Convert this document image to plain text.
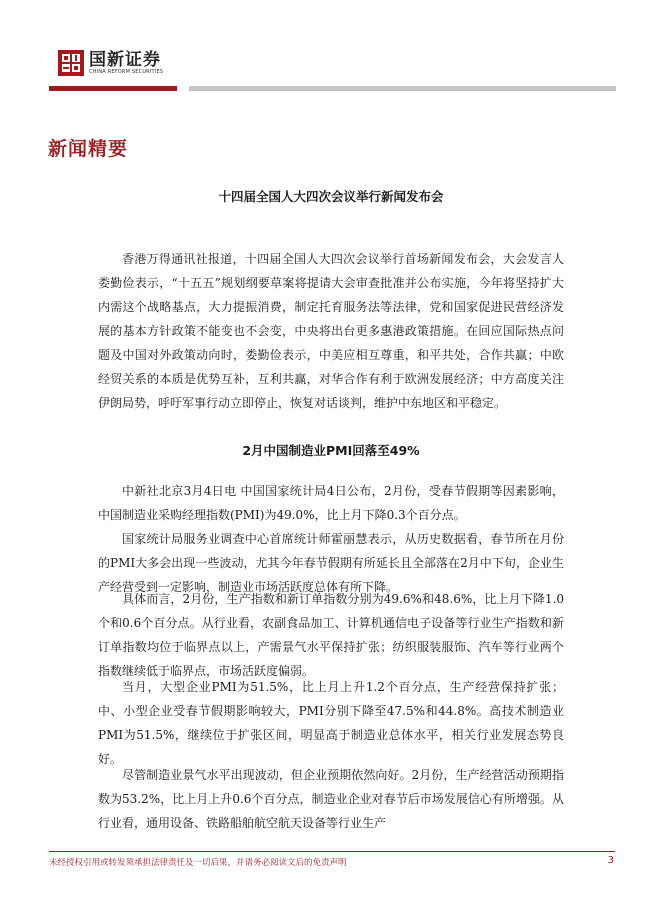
国新证券
CHINA REFORM SECURITIES
新闻精要
十四届全国人大四次会议举行新闻发布会

香港万得通讯社报道，十四届全国人大四次会议举行首场新闻发布会，大会发言人娄勤俭表示，“十五五”规划纲要草案将提请大会审查批准并公布实施，今年将坚持扩大内需这个战略基点，大力提振消费，制定托育服务法等法律，党和国家促进民营经济发展的基本方针政策不能变也不会变，中央将出台更多惠港政策措施。在回应国际热点问题及中国对外政策动向时，娄勤俭表示，中美应相互尊重，和平共处，合作共赢；中欧经贸关系的本质是优势互补，互利共赢，对华合作有利于欧洲发展经济；中方高度关注伊朗局势，呼吁军事行动立即停止，恢复对话谈判，维护中东地区和平稳定。

2月中国制造业PMI回落至49%

中新社北京3月4日电 中国国家统计局4日公布，2月份，受春节假期等因素影响，中国制造业采购经理指数(PMI)为49.0%，比上月下降0.3个百分点。

国家统计局服务业调查中心首席统计师霍丽慧表示，从历史数据看，春节所在月份的PMI大多会出现一些波动，尤其今年春节假期有所延长且全部落在2月中下旬，企业生产经营受到一定影响，制造业市场活跃度总体有所下降。

具体而言，2月份，生产指数和新订单指数分别为49.6%和48.6%，比上月下降1.0个和0.6个百分点。从行业看，农副食品加工、计算机通信电子设备等行业生产指数和新订单指数均位于临界点以上，产需景气水平保持扩张；纺织服装服饰、汽车等行业两个指数继续低于临界点，市场活跃度偏弱。

当月，大型企业PMI为51.5%，比上月上升1.2个百分点，生产经营保持扩张；中、小型企业受春节假期影响较大，PMI分别下降至47.5%和44.8%。高技术制造业PMI为51.5%，继续位于扩张区间，明显高于制造业总体水平，相关行业发展态势良好。

尽管制造业景气水平出现波动，但企业预期依然向好。2月份，生产经营活动预期指数为53.2%，比上月上升0.6个百分点，制造业企业对春节后市场发展信心有所增强。从行业看，通用设备、铁路船舶航空航天设备等行业生产

未经授权引用或转发须承担法律责任及一切后果，并请务必阅读文后的免责声明	3
